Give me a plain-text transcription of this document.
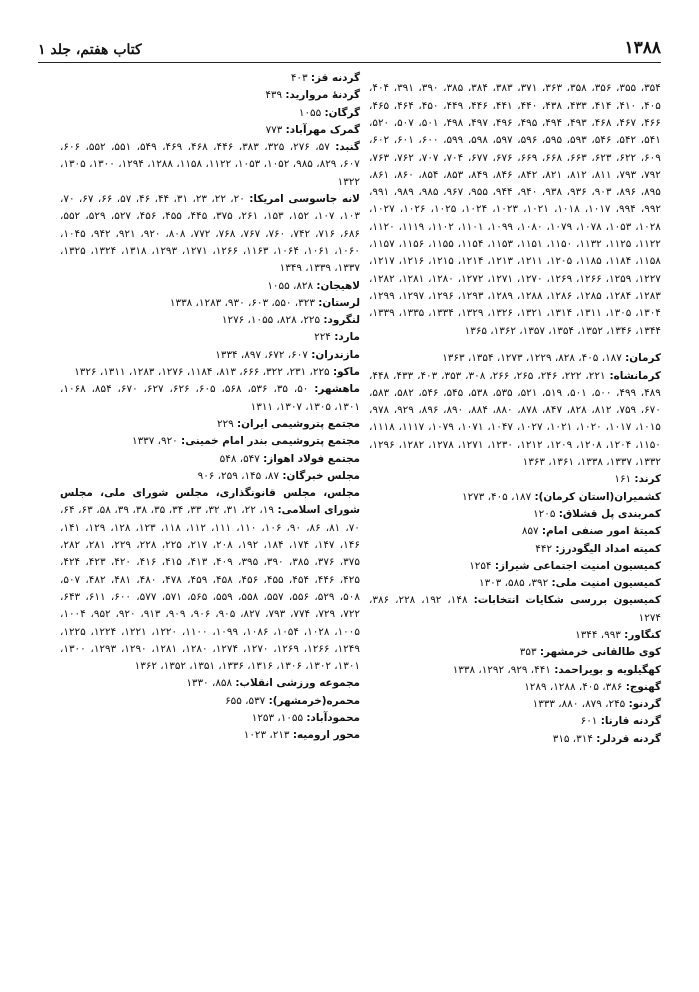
۱۳۸۸
کتاب هفتم، جلد ۱

۳۵۴، ۳۵۵، ۳۵۶، ۳۵۸، ۳۶۳، ۳۷۱، ۳۸۳، ۳۸۴، ۳۸۵، ۳۹۰، ۳۹۱، ۴۰۴، ۴۰۵، ۴۱۰، ۴۱۴، ۴۳۳، ۴۳۸، ۴۴۰، ۴۴۱، ۴۴۶، ۴۴۹، ۴۵۰، ۴۶۴، ۴۶۵، ۴۶۶، ۴۶۷، ۴۶۸، ۴۹۳، ۴۹۴، ۴۹۵، ۴۹۶، ۴۹۷، ۴۹۸، ۵۰۱، ۵۰۷، ۵۲۰، ۵۴۱، ۵۴۲، ۵۴۶، ۵۹۳، ۵۹۵، ۵۹۶، ۵۹۷، ۵۹۸، ۵۹۹، ۶۰۰، ۶۰۱، ۶۰۲، ۶۰۹، ۶۲۲، ۶۲۳، ۶۶۳، ۶۶۸، ۶۶۹، ۶۷۶، ۶۷۷، ۷۰۴، ۷۰۷، ۷۶۲، ۷۶۳، ۷۹۲، ۷۹۳، ۸۱۱، ۸۱۲، ۸۲۱، ۸۴۲، ۸۴۶، ۸۴۹، ۸۵۳، ۸۵۴، ۸۶۰، ۸۶۱، ۸۹۵، ۸۹۶، ۹۰۳، ۹۳۶، ۹۳۸، ۹۴۰، ۹۴۴، ۹۵۵، ۹۶۷، ۹۸۵، ۹۸۹، ۹۹۱، ۹۹۲، ۹۹۴، ۱۰۱۷، ۱۰۱۸، ۱۰۲۱، ۱۰۲۳، ۱۰۲۴، ۱۰۲۵، ۱۰۲۶، ۱۰۲۷، ۱۰۲۸، ۱۰۵۳، ۱۰۷۸، ۱۰۷۹، ۱۰۸۰، ۱۰۹۹، ۱۱۰۱، ۱۱۰۲، ۱۱۱۹، ۱۱۲۰، ۱۱۲۲، ۱۱۲۵، ۱۱۳۲، ۱۱۵۰، ۱۱۵۱، ۱۱۵۳، ۱۱۵۴، ۱۱۵۵، ۱۱۵۶، ۱۱۵۷، ۱۱۵۸، ۱۱۸۴، ۱۱۸۵، ۱۲۰۵، ۱۲۱۱، ۱۲۱۳، ۱۲۱۴، ۱۲۱۵، ۱۲۱۶، ۱۲۱۷، ۱۲۲۷، ۱۲۵۹، ۱۲۶۶، ۱۲۶۹، ۱۲۷۰، ۱۲۷۱، ۱۲۷۲، ۱۲۸۰، ۱۲۸۱، ۱۲۸۲، ۱۲۸۳، ۱۲۸۴، ۱۲۸۵، ۱۲۸۶، ۱۲۸۸، ۱۲۸۹، ۱۲۹۳، ۱۲۹۶، ۱۲۹۷، ۱۲۹۹، ۱۳۰۴، ۱۳۰۵، ۱۳۱۱، ۱۳۱۴، ۱۳۲۱، ۱۳۲۶، ۱۳۲۹، ۱۳۳۴، ۱۳۳۵، ۱۳۳۹، ۱۳۴۴، ۱۳۴۶، ۱۳۵۲، ۱۳۵۴، ۱۳۵۷، ۱۳۶۲، ۱۳۶۵

کرمان: ۱۸۷، ۴۰۵، ۸۲۸، ۱۲۲۹، ۱۲۷۳، ۱۳۵۴، ۱۳۶۳

کرمانشاه: ۲۲۱، ۲۲۲، ۲۴۶، ۲۶۵، ۲۶۶، ۳۰۸، ۳۵۳، ۴۰۳، ۴۳۳، ۴۴۸، ۴۸۹، ۴۹۹، ۵۰۰، ۵۰۱، ۵۱۹، ۵۲۱، ۵۳۵، ۵۳۸، ۵۴۵، ۵۴۶، ۵۸۲، ۵۸۳، ۶۷۰، ۷۵۹، ۸۱۲، ۸۲۸، ۸۴۷، ۸۷۸، ۸۸۰، ۸۸۴، ۸۹۰، ۸۹۶، ۹۲۹، ۹۷۸، ۱۰۱۵، ۱۰۱۷، ۱۰۲۰، ۱۰۲۱، ۱۰۲۷، ۱۰۴۷، ۱۰۷۱، ۱۰۷۹، ۱۱۱۷، ۱۱۱۸، ۱۱۵۰، ۱۲۰۴، ۱۲۰۸، ۱۲۰۹، ۱۲۱۲، ۱۲۳۰، ۱۲۷۱، ۱۲۷۸، ۱۲۸۲، ۱۲۹۶، ۱۳۳۲، ۱۳۳۷، ۱۳۳۸، ۱۳۶۱، ۱۳۶۳

کرند: ۱۶۱

کشمیران(استان کرمان): ۱۸۷، ۴۰۵، ۱۲۷۳

کمربندی پل قشلاق: ۱۲۰۵

کمیتهٔ امور صنفی امام: ۸۵۷

کمیته امداد الیگودرز: ۴۴۲

کمیسیون امنیت اجتماعی شیراز: ۱۲۵۴

کمیسیون امنیت ملی: ۳۹۲، ۵۸۵، ۱۳۰۳

کمیسیون بررسی شکایات انتخابات: ۱۴۸، ۱۹۲، ۲۲۸، ۳۸۶، ۱۲۷۴

کنگاور: ۹۹۳، ۱۳۴۴

کوی طالقانی خرمشهر: ۳۵۳

کهگیلویه و بویراحمد: ۴۴۱، ۹۲۹، ۱۲۹۲، ۱۳۳۸

گهنوج: ۳۸۶، ۴۰۵، ۱۲۸۸، ۱۲۸۹

گردنو: ۲۴۵، ۸۷۹، ۸۸۰، ۱۳۳۳

گردنه قارنا: ۶۰۱

گردنه قردلر: ۳۱۴، ۳۱۵

گردنه قز: ۴۰۳

گردنهٔ مروارید: ۴۳۹

گرگان: ۱۰۵۵

گمرک مهرآباد: ۷۷۳

گنبد: ۵۷، ۲۷۶، ۳۲۵، ۳۸۳، ۴۴۶، ۴۶۸، ۴۶۹، ۵۴۹، ۵۵۱، ۵۵۲، ۶۰۶، ۶۰۷، ۸۲۹، ۹۸۵، ۱۰۵۲، ۱۰۵۳، ۱۱۲۲، ۱۱۵۸، ۱۲۸۸، ۱۲۹۴، ۱۳۰۰، ۱۳۰۵، ۱۳۲۲

لانه جاسوسی امریکا: ۲۰، ۲۲، ۲۳، ۳۱، ۴۴، ۴۶، ۵۷، ۶۶، ۶۷، ۷۰، ۱۰۳، ۱۰۷، ۱۵۲، ۱۵۳، ۲۶۱، ۳۷۵، ۴۴۵، ۴۵۵، ۴۵۶، ۵۲۷، ۵۲۹، ۵۵۲، ۶۸۶، ۷۱۶، ۷۴۲، ۷۶۰، ۷۶۷، ۷۶۸، ۷۷۲، ۸۰۸، ۹۲۰، ۹۲۱، ۹۴۲، ۱۰۴۵، ۱۰۶۰، ۱۰۶۱، ۱۰۶۴، ۱۱۶۳، ۱۲۶۶، ۱۲۷۱، ۱۲۹۳، ۱۳۱۸، ۱۳۲۴، ۱۳۲۵، ۱۳۳۷، ۱۳۳۹، ۱۳۴۹

لاهیجان: ۸۲۸، ۱۰۵۵

لرستان: ۳۲۳، ۵۵۰، ۶۰۳، ۹۳۰، ۱۲۸۳، ۱۳۳۸

لنگرود: ۲۲۵، ۸۲۸، ۱۰۵۵، ۱۲۷۶

مارد: ۲۲۴

مازندران: ۶۰۷، ۶۷۲، ۸۹۷، ۱۳۳۴

ماکو: ۲۲۵، ۲۳۱، ۳۲۲، ۶۶۶، ۸۱۳، ۱۱۸۴، ۱۲۷۶، ۱۲۸۳، ۱۳۱۱، ۱۳۲۶

ماهشهر: ۵۰، ۳۵، ۵۳۶، ۵۶۸، ۶۰۵، ۶۲۶، ۶۲۷، ۶۷۰، ۸۵۴، ۱۰۶۸، ۱۳۰۱، ۱۳۰۵، ۱۳۰۷، ۱۳۱۱

مجتمع پتروشیمی ایران: ۲۲۹

مجتمع پتروشیمی بندر امام خمینی: ۹۲۰، ۱۳۳۷

مجتمع فولاد اهواز: ۵۴۷، ۵۴۸

مجلس خبرگان: ۸۷، ۱۴۵، ۲۵۹، ۹۰۶

مجلس، مجلس قانونگذاری، مجلس شورای ملی، مجلس شورای اسلامی: ۱۹، ۲۲، ۳۱، ۳۲، ۳۳، ۳۴، ۳۵، ۳۸، ۳۹، ۵۸، ۶۳، ۶۴، ۷۰، ۸۱، ۸۶، ۹۰، ۱۰۶، ۱۱۰، ۱۱۱، ۱۱۲، ۱۱۸، ۱۲۳، ۱۲۸، ۱۲۹، ۱۴۱، ۱۴۶، ۱۴۷، ۱۷۴، ۱۸۴، ۱۹۲، ۲۰۸، ۲۱۷، ۲۲۵، ۲۲۸، ۲۲۹، ۲۸۱، ۲۸۲، ۳۷۵، ۳۷۶، ۳۸۵، ۳۹۰، ۳۹۵، ۴۰۹، ۴۱۳، ۴۱۵، ۴۱۶، ۴۲۰، ۴۲۳، ۴۲۴، ۴۲۵، ۴۴۶، ۴۵۴، ۴۵۵، ۴۵۶، ۴۵۸، ۴۵۹، ۴۷۸، ۴۸۰، ۴۸۱، ۴۸۲، ۵۰۷، ۵۰۸، ۵۲۹، ۵۵۶، ۵۵۷، ۵۵۸، ۵۵۹، ۵۶۵، ۵۷۱، ۵۷۷، ۶۰۰، ۶۱۱، ۶۴۳، ۷۲۲، ۷۲۹، ۷۷۴، ۷۹۳، ۸۲۷، ۹۰۵، ۹۰۶، ۹۰۹، ۹۱۳، ۹۲۰، ۹۵۲، ۱۰۰۴، ۱۰۰۵، ۱۰۲۸، ۱۰۵۴، ۱۰۸۶، ۱۰۹۹، ۱۱۰۰، ۱۲۲۰، ۱۲۲۱، ۱۲۲۴، ۱۲۲۵، ۱۲۴۹، ۱۲۶۶، ۱۲۶۹، ۱۲۷۰، ۱۲۷۴، ۱۲۸۰، ۱۲۸۱، ۱۲۹۰، ۱۲۹۳، ۱۳۰۰، ۱۳۰۱، ۱۳۰۲، ۱۳۰۶، ۱۳۱۶، ۱۳۳۶، ۱۳۵۱، ۱۳۵۲، ۱۳۶۲

مجموعه ورزشی انقلاب: ۸۵۸، ۱۳۳۰

محمره(خرمشهر): ۵۳۷، ۶۵۵

محمودآباد: ۱۰۵۵، ۱۲۵۳

محور ارومیه: ۲۱۳، ۱۰۲۳
